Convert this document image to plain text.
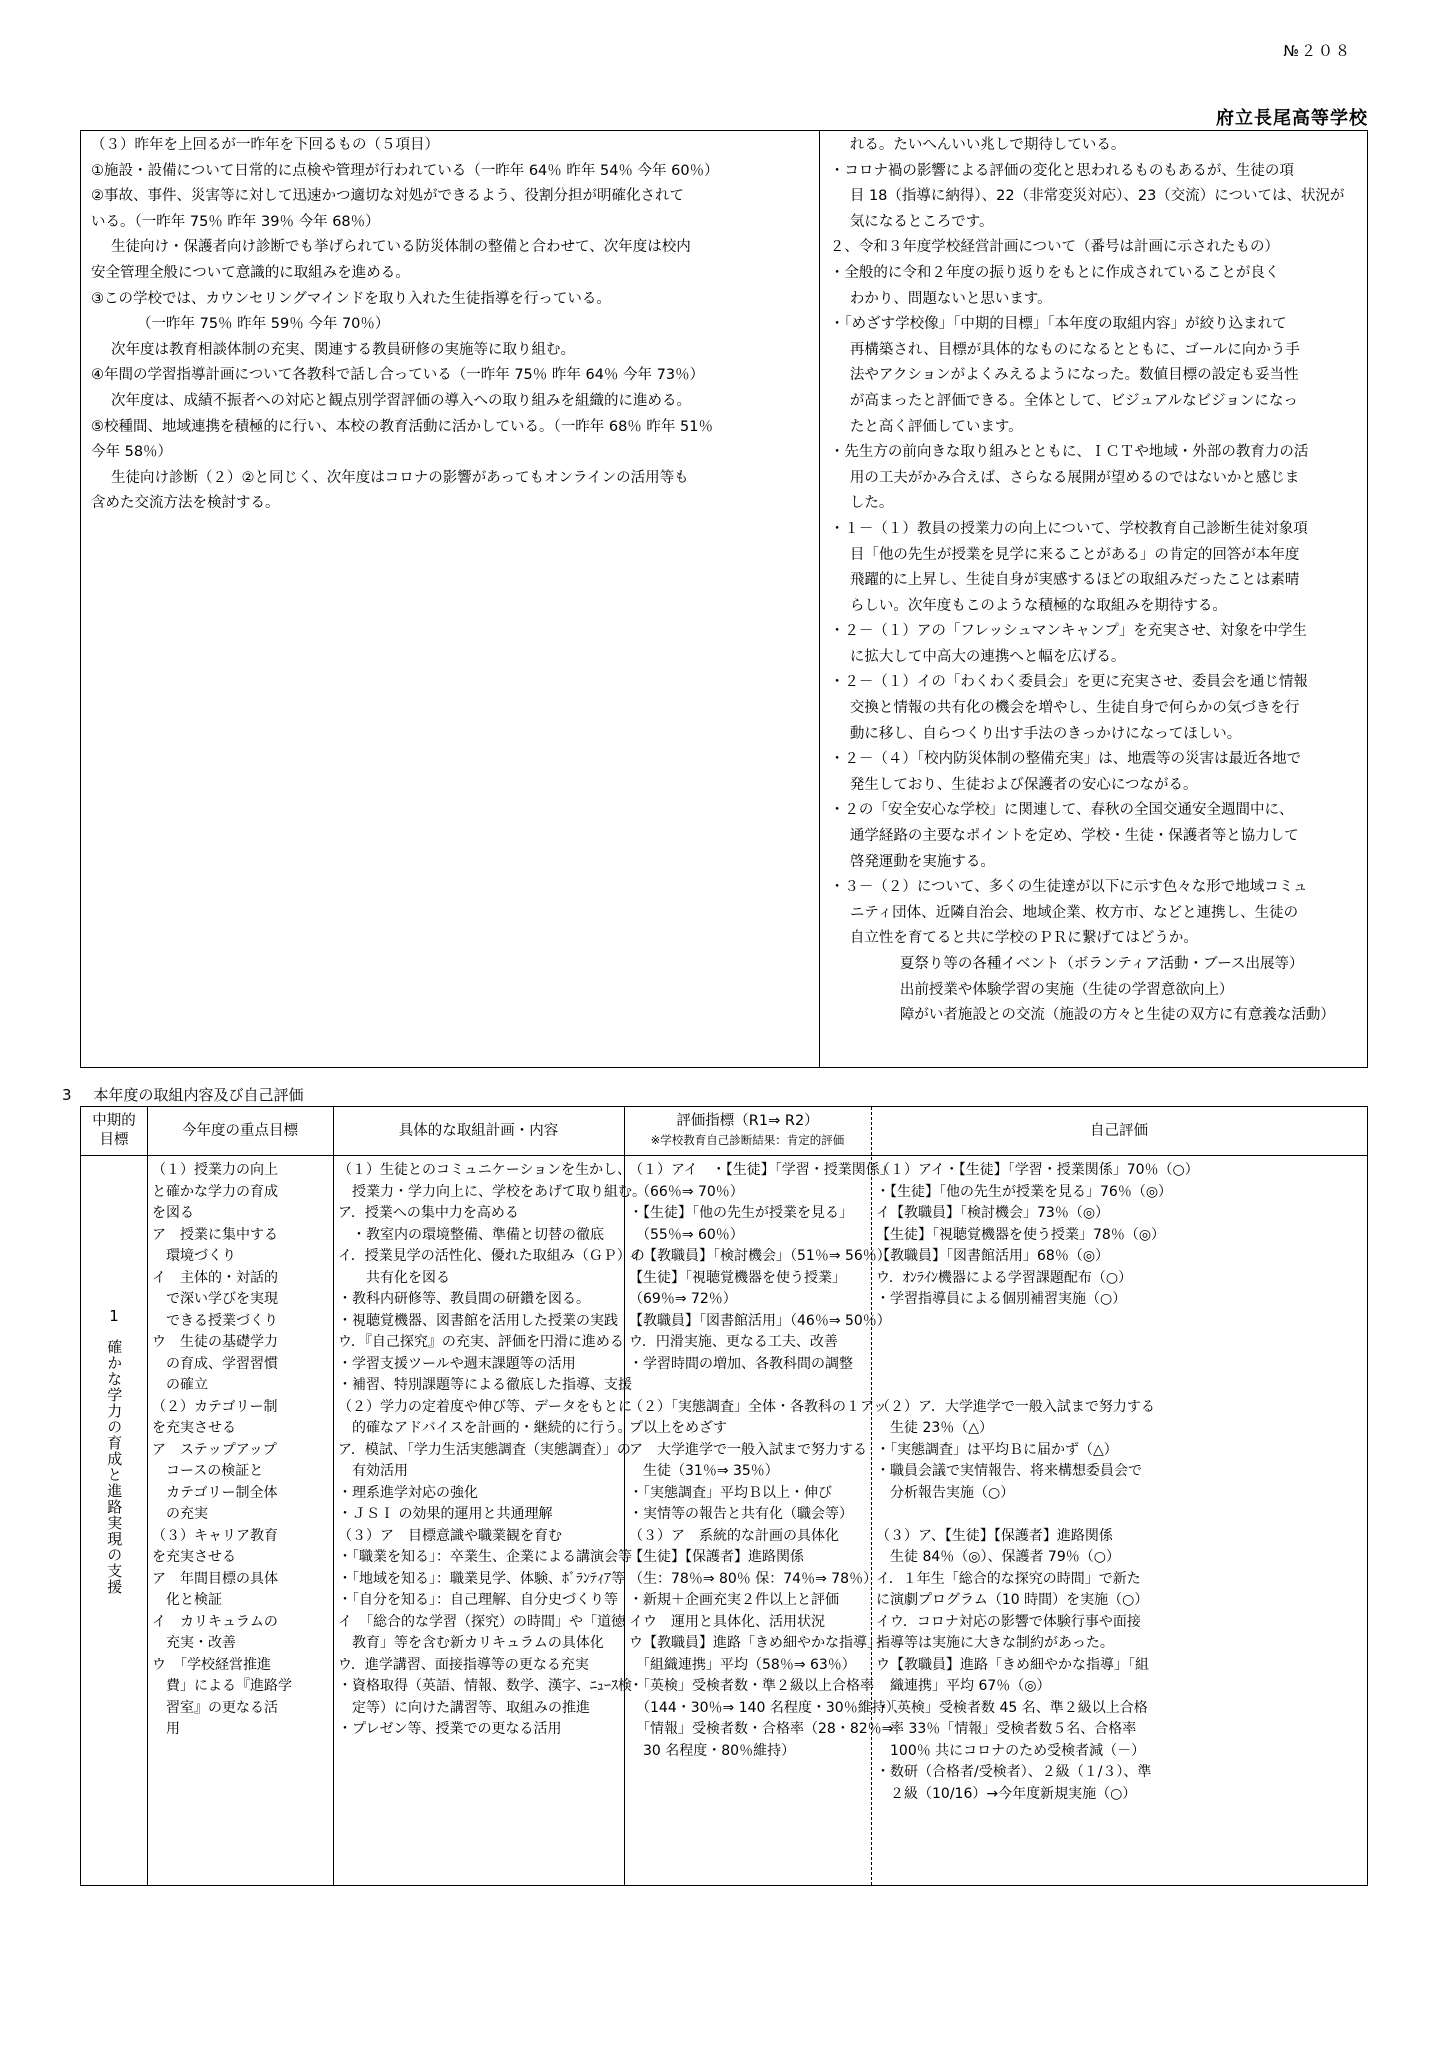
№２０８
府立長尾高等学校
（３）昨年を上回るが一昨年を下回るもの（５項目）
①施設・設備について日常的に点検や管理が行われている（一昨年 64％ 昨年 54％ 今年 60％）
②事故、事件、災害等に対して迅速かつ適切な対処ができるよう、役割分担が明確化されて
いる。（一昨年 75％ 昨年 39％ 今年 68％）
生徒向け・保護者向け診断でも挙げられている防災体制の整備と合わせて、次年度は校内
安全管理全般について意識的に取組みを進める。
③この学校では、カウンセリングマインドを取り入れた生徒指導を行っている。
（一昨年 75％ 昨年 59％ 今年 70％）
次年度は教育相談体制の充実、関連する教員研修の実施等に取り組む。
④年間の学習指導計画について各教科で話し合っている（一昨年 75％ 昨年 64％ 今年 73％）
次年度は、成績不振者への対応と観点別学習評価の導入への取り組みを組織的に進める。
⑤校種間、地域連携を積極的に行い、本校の教育活動に活かしている。（一昨年 68％ 昨年 51％
今年 58％）
生徒向け診断（２）②と同じく、次年度はコロナの影響があってもオンラインの活用等も
含めた交流方法を検討する。
れる。たいへんいい兆しで期待している。
・コロナ禍の影響による評価の変化と思われるものもあるが、生徒の項
目 18（指導に納得）、22（非常変災対応）、23（交流）については、状況が
気になるところです。
２、令和３年度学校経営計画について（番号は計画に示されたもの）
・全般的に令和２年度の振り返りをもとに作成されていることが良く
わかり、問題ないと思います。
・「めざす学校像」「中期的目標」「本年度の取組内容」が絞り込まれて
再構築され、目標が具体的なものになるとともに、ゴールに向かう手
法やアクションがよくみえるようになった。数値目標の設定も妥当性
が高まったと評価できる。全体として、ビジュアルなビジョンになっ
たと高く評価しています。
・先生方の前向きな取り組みとともに、ＩＣＴや地域・外部の教育力の活
用の工夫がかみ合えば、さらなる展開が望めるのではないかと感じま
した。
・１－（１）教員の授業力の向上について、学校教育自己診断生徒対象項
目「他の先生が授業を見学に来ることがある」の肯定的回答が本年度
飛躍的に上昇し、生徒自身が実感するほどの取組みだったことは素晴
らしい。次年度もこのような積極的な取組みを期待する。
・２－（１）アの「フレッシュマンキャンプ」を充実させ、対象を中学生
に拡大して中高大の連携へと幅を広げる。
・２－（１）イの「わくわく委員会」を更に充実させ、委員会を通じ情報
交換と情報の共有化の機会を増やし、生徒自身で何らかの気づきを行
動に移し、自らつくり出す手法のきっかけになってほしい。
・２－（４）「校内防災体制の整備充実」は、地震等の災害は最近各地で
発生しており、生徒および保護者の安心につながる。
・２の「安全安心な学校」に関連して、春秋の全国交通安全週間中に、
通学経路の主要なポイントを定め、学校・生徒・保護者等と協力して
啓発運動を実施する。
・３－（２）について、多くの生徒達が以下に示す色々な形で地域コミュ
ニティ団体、近隣自治会、地域企業、枚方市、などと連携し、生徒の
自立性を育てると共に学校のＰＲに繋げてはどうか。
夏祭り等の各種イベント（ボランティア活動・ブース出展等）
出前授業や体験学習の実施（生徒の学習意欲向上）
障がい者施設との交流（施設の方々と生徒の双方に有意義な活動）
3 本年度の取組内容及び自己評価
中期的
目標
今年度の重点目標	具体的な取組計画・内容
評価指標（R1⇒ R2）
※学校教育自己診断結果：肯定的評価
自己評価
1
確かな学力の育成と進路実現の支援
（１）授業力の向上
と確かな学力の育成
を図る
ア　授業に集中する
　環境づくり
イ　主体的・対話的
　で深い学びを実現
　できる授業づくり
ウ　生徒の基礎学力
　の育成、学習習慣
　の確立
（２）カテゴリー制
を充実させる
ア　ステップアップ
　コースの検証と
　カテゴリー制全体
　の充実
（３）キャリア教育
を充実させる
ア　年間目標の具体
　化と検証
イ　カリキュラムの
　充実・改善
ウ　「学校経営推進
　費」による『進路学
　習室』の更なる活
　用
（１）生徒とのコミュニケーションを生かし、
　授業力・学力向上に、学校をあげて取り組む。
ア．授業への集中力を高める
　・教室内の環境整備、準備と切替の徹底
イ．授業見学の活性化、優れた取組み（ＧＰ）の
　　共有化を図る
・教科内研修等、教員間の研鑽を図る。
・視聴覚機器、図書館を活用した授業の実践
ウ．『自己探究』の充実、評価を円滑に進める
・学習支援ツールや週末課題等の活用
・補習、特別課題等による徹底した指導、支援
（２）学力の定着度や伸び等、データをもとに
　的確なアドバイスを計画的・継続的に行う。
ア．模試、「学力生活実態調査（実態調査）」の
　有効活用
・理系進学対応の強化
・ＪＳＩ の効果的運用と共通理解
（３）ア　目標意識や職業観を育む
・「職業を知る」：卒業生、企業による講演会等
・「地域を知る」：職業見学、体験、ﾎﾞﾗﾝﾃｨｱ等
・「自分を知る」：自己理解、自分史づくり等
イ　「総合的な学習（探究）の時間」や「道徳
　教育」等を含む新カリキュラムの具体化
ウ．進学講習、面接指導等の更なる充実
・資格取得（英語、情報、数学、漢字、ﾆｭｰｽ検
　定等）に向けた講習等、取組みの推進
・プレゼン等、授業での更なる活用
（１）アイ　・【生徒】「学習・授業関係」
　（66％⇒ 70％）
・【生徒】「他の先生が授業を見る」
　（55％⇒ 60％）
イ【教職員】「検討機会」（51％⇒ 56％）
【生徒】「視聴覚機器を使う授業」
（69％⇒ 72％）
【教職員】「図書館活用」（46％⇒ 50％）
ウ．円滑実施、更なる工夫、改善
・学習時間の増加、各教科間の調整
（２）「実態調査」全体・各教科の１アッ
プ以上をめざす
ア　大学進学で一般入試まで努力する
　生徒（31％⇒ 35％）
・「実態調査」平均Ｂ以上・伸び
・実情等の報告と共有化（職会等）
（３）ア　系統的な計画の具体化
【生徒】【保護者】進路関係
（生：78％⇒ 80％ 保：74％⇒ 78％）
・新規＋企画充実２件以上と評価
イウ　運用と具体化、活用状況
ウ【教職員】進路「きめ細やかな指導」・
　「組織連携」平均（58％⇒ 63％）
・「英検」受検者数・準２級以上合格率
　（144・30％⇒ 140 名程度・30％維持）、
　「情報」受検者数・合格率（28・82％⇒
　30 名程度・80％維持）
（１）アイ・【生徒】「学習・授業関係」70％（○）
・【生徒】「他の先生が授業を見る」76％（◎）
イ【教職員】「検討機会」73％（◎）
【生徒】「視聴覚機器を使う授業」78％（◎）
【教職員】「図書館活用」68％（◎）
ウ．ｵﾝﾗｲﾝ機器による学習課題配布（○）
・学習指導員による個別補習実施（○）
（２）ア．大学進学で一般入試まで努力する
　生徒 23％（△）
・「実態調査」は平均Ｂに届かず（△）
・職員会議で実情報告、将来構想委員会で
　分析報告実施（○）
（３）ア、【生徒】【保護者】進路関係
　生徒 84％（◎）、保護者 79％（○）
イ．１年生「総合的な探究の時間」で新た
に演劇プログラム（10 時間）を実施（○）
イウ．コロナ対応の影響で体験行事や面接
指導等は実施に大きな制約があった。
ウ【教職員】進路「きめ細やかな指導」「組
　織連携」平均 67％（◎）
・「英検」受検者数 45 名、準２級以上合格
　率 33％「情報」受検者数５名、合格率
　100％ 共にコロナのため受検者減（－）
・数研（合格者/受検者）、２級（１/３）、準
　２級（10/16）→今年度新規実施（○）
